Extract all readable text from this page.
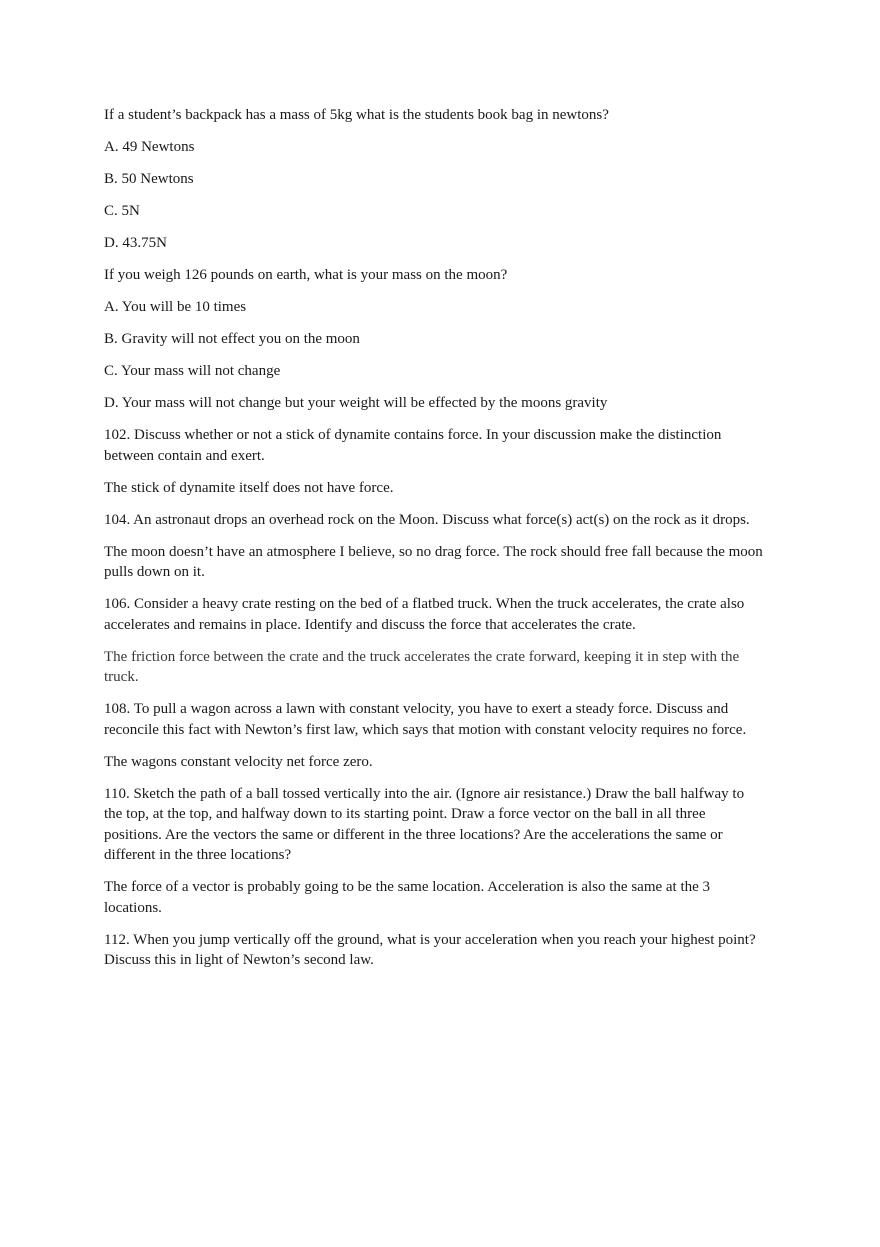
If a student’s backpack has a mass of 5kg what is the students book bag in newtons?

A. 49 Newtons

B. 50 Newtons

C. 5N

D. 43.75N

If you weigh 126 pounds on earth, what is your mass on the moon?

A. You will be 10 times

B. Gravity will not effect you on the moon

C. Your mass will not change

D. Your mass will not change but your weight will be effected by the moons gravity

102. Discuss whether or not a stick of dynamite contains force. In your discussion make the distinction between contain and exert.

The stick of dynamite itself does not have force.

104. An astronaut drops an overhead rock on the Moon. Discuss what force(s) act(s) on the rock as it drops.

The moon doesn’t have an atmosphere I believe, so no drag force. The rock should free fall because the moon pulls down on it.

106. Consider a heavy crate resting on the bed of a flatbed truck. When the truck accelerates, the crate also accelerates and remains in place. Identify and discuss the force that accelerates the crate.

The friction force between the crate and the truck accelerates the crate forward, keeping it in step with the truck.

108. To pull a wagon across a lawn with constant velocity, you have to exert a steady force. Discuss and reconcile this fact with Newton’s first law, which says that motion with constant velocity requires no force.

The wagons constant velocity net force zero.

110. Sketch the path of a ball tossed vertically into the air. (Ignore air resistance.) Draw the ball halfway to the top, at the top, and halfway down to its starting point. Draw a force vector on the ball in all three positions. Are the vectors the same or different in the three locations? Are the accelerations the same or different in the three locations?

The force of a vector is probably going to be the same location. Acceleration is also the same at the 3 locations.

112. When you jump vertically off the ground, what is your acceleration when you reach your highest point? Discuss this in light of Newton’s second law.
